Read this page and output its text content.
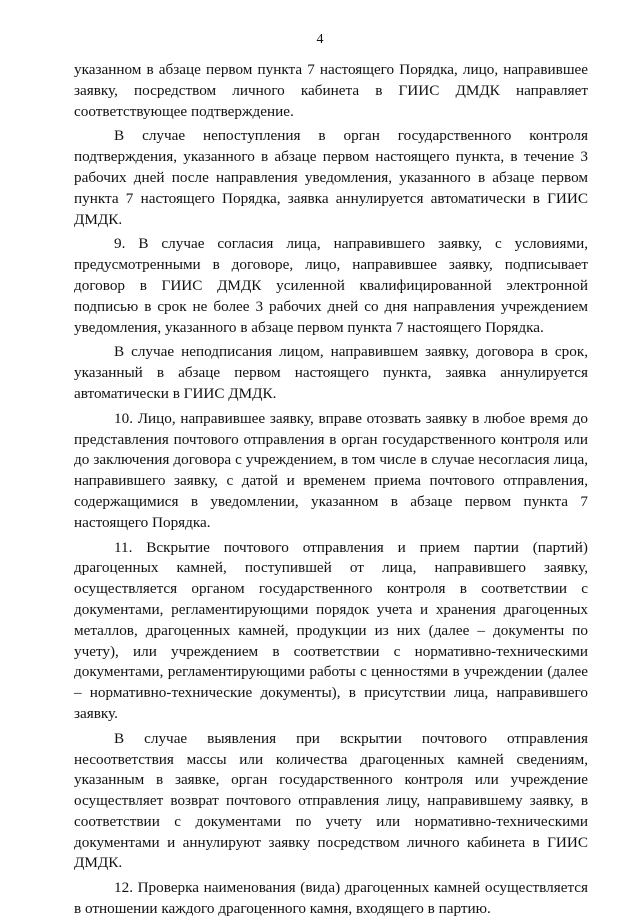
4

указанном в абзаце первом пункта 7 настоящего Порядка, лицо, направившее заявку, посредством личного кабинета в ГИИС ДМДК направляет соответствующее подтверждение.

В случае непоступления в орган государственного контроля подтверждения, указанного в абзаце первом настоящего пункта, в течение 3 рабочих дней после направления уведомления, указанного в абзаце первом пункта 7 настоящего Порядка, заявка аннулируется автоматически в ГИИС ДМДК.

9. В случае согласия лица, направившего заявку, с условиями, предусмотренными в договоре, лицо, направившее заявку, подписывает договор в ГИИС ДМДК усиленной квалифицированной электронной подписью в срок не более 3 рабочих дней со дня направления учреждением уведомления, указанного в абзаце первом пункта 7 настоящего Порядка.

В случае неподписания лицом, направившем заявку, договора в срок, указанный в абзаце первом настоящего пункта, заявка аннулируется автоматически в ГИИС ДМДК.

10. Лицо, направившее заявку, вправе отозвать заявку в любое время до представления почтового отправления в орган государственного контроля или до заключения договора с учреждением, в том числе в случае несогласия лица, направившего заявку, с датой и временем приема почтового отправления, содержащимися в уведомлении, указанном в абзаце первом пункта 7 настоящего Порядка.

11. Вскрытие почтового отправления и прием партии (партий) драгоценных камней, поступившей от лица, направившего заявку, осуществляется органом государственного контроля в соответствии с документами, регламентирующими порядок учета и хранения драгоценных металлов, драгоценных камней, продукции из них (далее – документы по учету), или учреждением в соответствии с нормативно-техническими документами, регламентирующими работы с ценностями в учреждении (далее – нормативно-технические документы), в присутствии лица, направившего заявку.

В случае выявления при вскрытии почтового отправления несоответствия массы или количества драгоценных камней сведениям, указанным в заявке, орган государственного контроля или учреждение осуществляет возврат почтового отправления лицу, направившему заявку, в соответствии с документами по учету или нормативно-техническими документами и аннулируют заявку посредством личного кабинета в ГИИС ДМДК.

12. Проверка наименования (вида) драгоценных камней осуществляется в отношении каждого драгоценного камня, входящего в партию.
